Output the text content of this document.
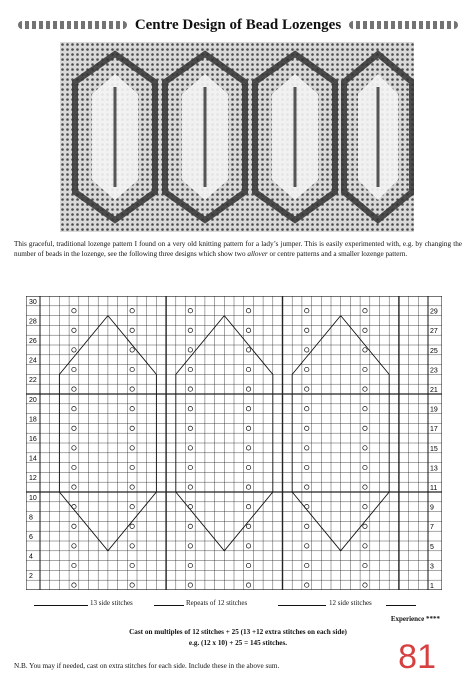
Centre Design of Bead Lozenges
This graceful, traditional lozenge pattern I found on a very old knitting pattern for a lady’s jumper. This is easily experimented with, e.g. by changing the number of beads in the lozenge, see the following three designs which show two allover or centre patterns and a smaller lozenge pattern.
30
28
26
24
22
20
18
16
14
12
10
8
6
4
2
29
27
25
23
21
19
17
15
13
11
9
7
5
3
1
13 side stitches	Repeats of 12 stitches	12 side stitches
Experience ****
Cast on multiples of 12 stitches + 25 (13 +12 extra stitches on each side)
e.g. (12 x 10) + 25 = 145 stitches.
N.B. You may if needed, cast on extra stitches for each side. Include these in the above sum.	81
